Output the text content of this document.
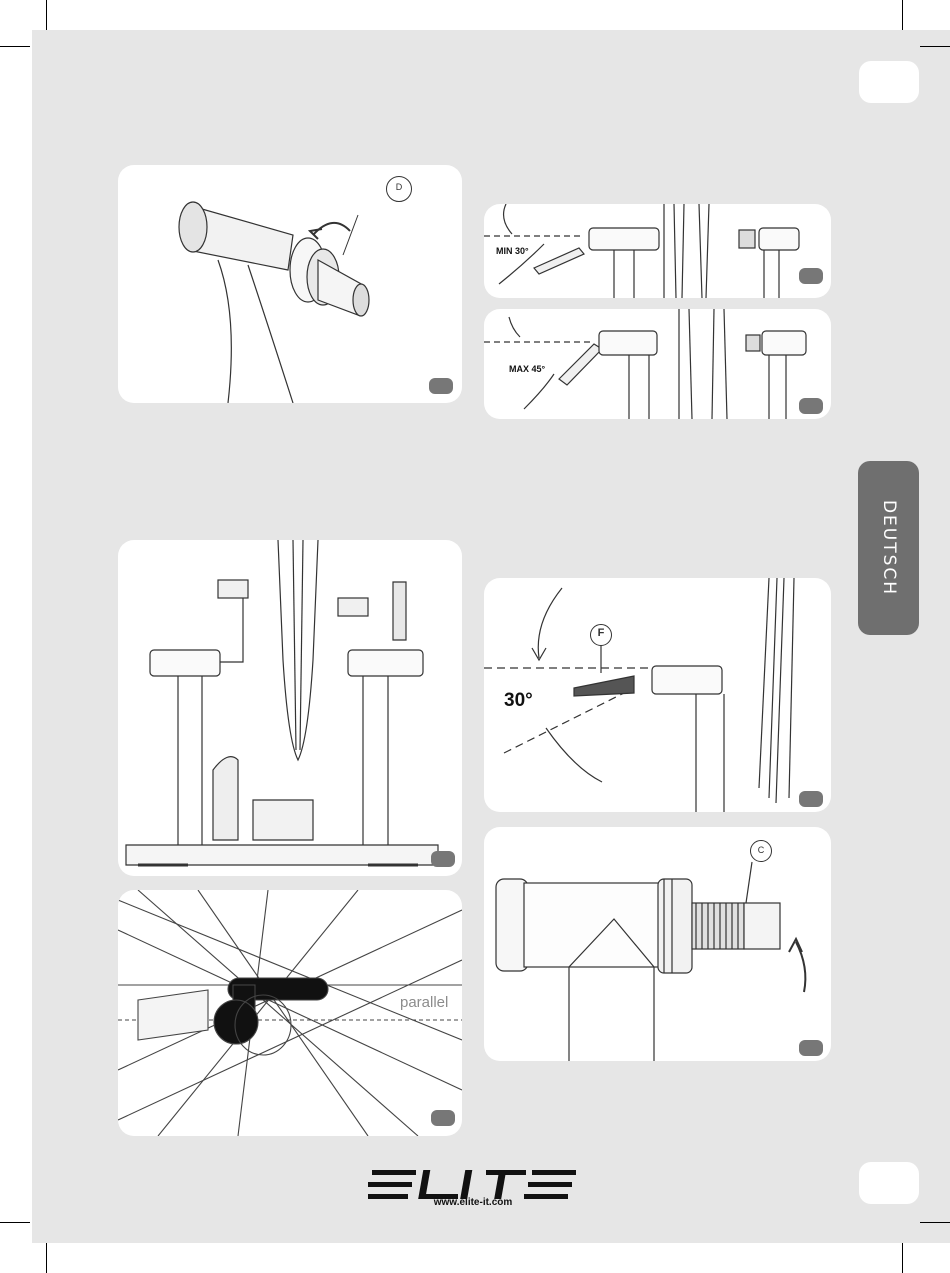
DEUTSCH
D
MIN 30°
MAX 45°
F
30°
parallel
C
www.elite-it.com
